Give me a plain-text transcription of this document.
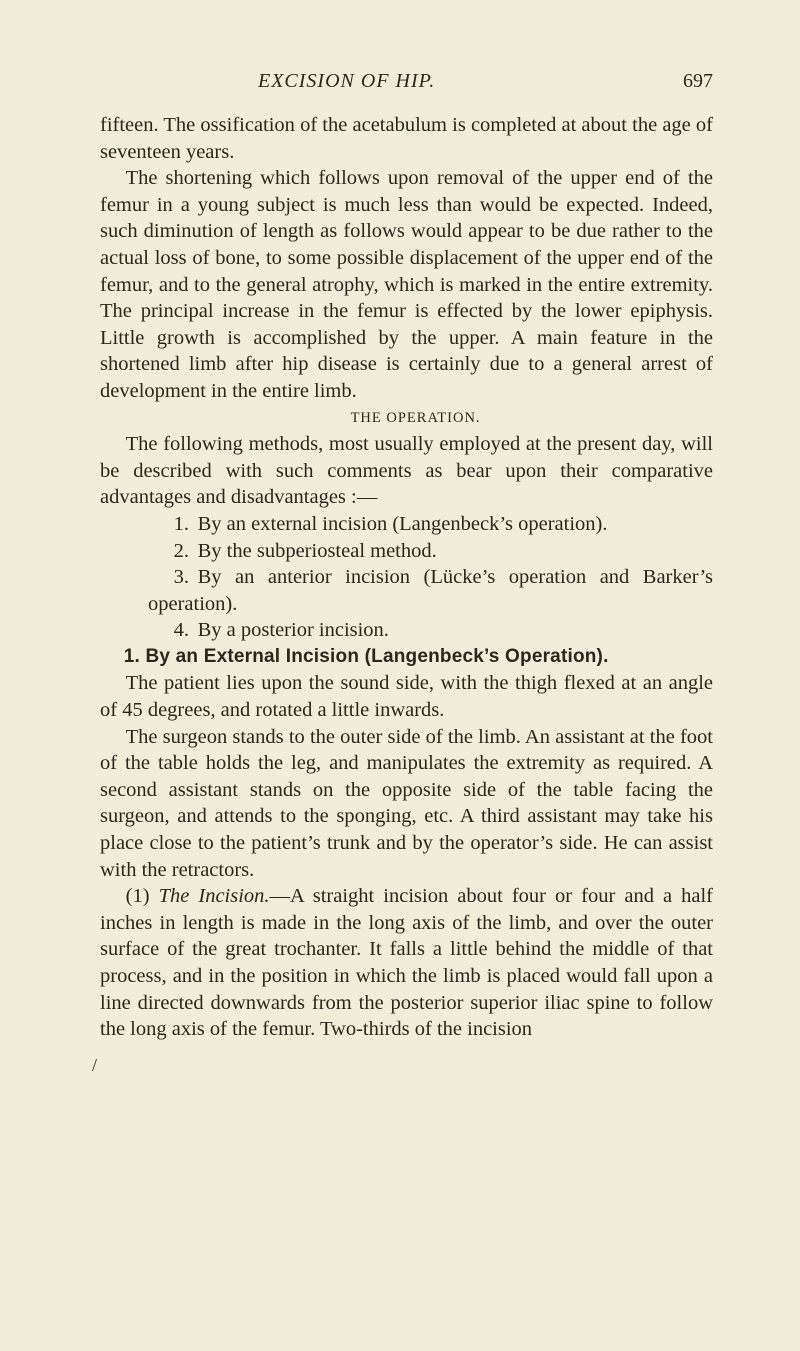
EXCISION OF HIP.	697
/

fifteen. The ossification of the acetabulum is completed at about the age of seventeen years.

The shortening which follows upon removal of the upper end of the femur in a young subject is much less than would be expected. Indeed, such diminution of length as follows would appear to be due rather to the actual loss of bone, to some possible displacement of the upper end of the femur, and to the general atrophy, which is marked in the entire extremity. The principal increase in the femur is effected by the lower epiphysis. Little growth is accomplished by the upper. A main feature in the shortened limb after hip disease is certainly due to a general arrest of development in the entire limb.

THE OPERATION.

The following methods, most usually employed at the present day, will be described with such comments as bear upon their comparative advantages and disadvantages :—

1. By an external incision (Langenbeck’s operation).

2. By the subperiosteal method.

3. By an anterior incision (Lücke’s operation and Barker’s operation).

4. By a posterior incision.

1. By an External Incision (Langenbeck’s Operation).

The patient lies upon the sound side, with the thigh flexed at an angle of 45 degrees, and rotated a little inwards.

The surgeon stands to the outer side of the limb. An assistant at the foot of the table holds the leg, and manipulates the extremity as required. A second assistant stands on the opposite side of the table facing the surgeon, and attends to the sponging, etc. A third assistant may take his place close to the patient’s trunk and by the operator’s side. He can assist with the retractors.

(1) The Incision.—A straight incision about four or four and a half inches in length is made in the long axis of the limb, and over the outer surface of the great trochanter. It falls a little behind the middle of that process, and in the position in which the limb is placed would fall upon a line directed downwards from the posterior superior iliac spine to follow the long axis of the femur. Two-thirds of the incision
